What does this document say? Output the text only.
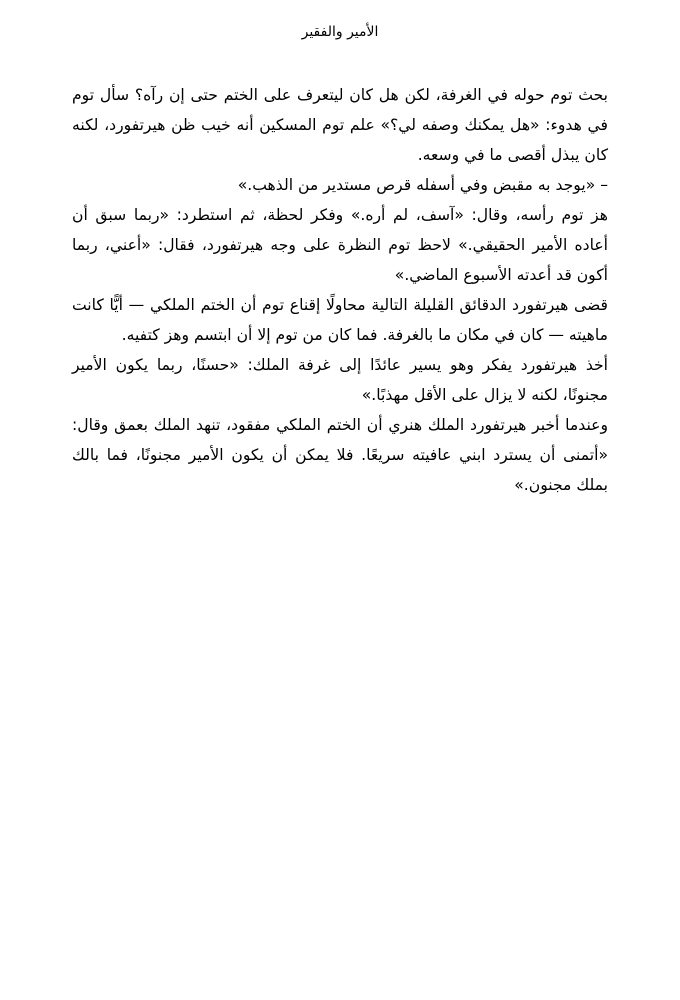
الأمير والفقير

بحث توم حوله في الغرفة، لكن هل كان ليتعرف على الختم حتى إن رآه؟ سأل توم في هدوء: «هل يمكنك وصفه لي؟» علم توم المسكين أنه خيب ظن هيرتفورد، لكنه كان يبذل أقصى ما في وسعه.

– «يوجد به مقبض وفي أسفله قرص مستدير من الذهب.»

هز توم رأسه، وقال: «آسف، لم أره.» وفكر لحظة، ثم استطرد: «ربما سبق أن أعاده الأمير الحقيقي.» لاحظ توم النظرة على وجه هيرتفورد، فقال: «أعني، ربما أكون قد أعدته الأسبوع الماضي.»

قضى هيرتفورد الدقائق القليلة التالية محاولًا إقناع توم أن الختم الملكي — أيًّا كانت ماهيته — كان في مكان ما بالغرفة. فما كان من توم إلا أن ابتسم وهز كتفيه.

أخذ هيرتفورد يفكر وهو يسير عائدًا إلى غرفة الملك: «حسنًا، ربما يكون الأمير مجنونًا، لكنه لا يزال على الأقل مهذبًا.»

وعندما أخبر هيرتفورد الملك هنري أن الختم الملكي مفقود، تنهد الملك بعمق وقال: «أتمنى أن يسترد ابني عافيته سريعًا. فلا يمكن أن يكون الأمير مجنونًا، فما بالك بملك مجنون.»
